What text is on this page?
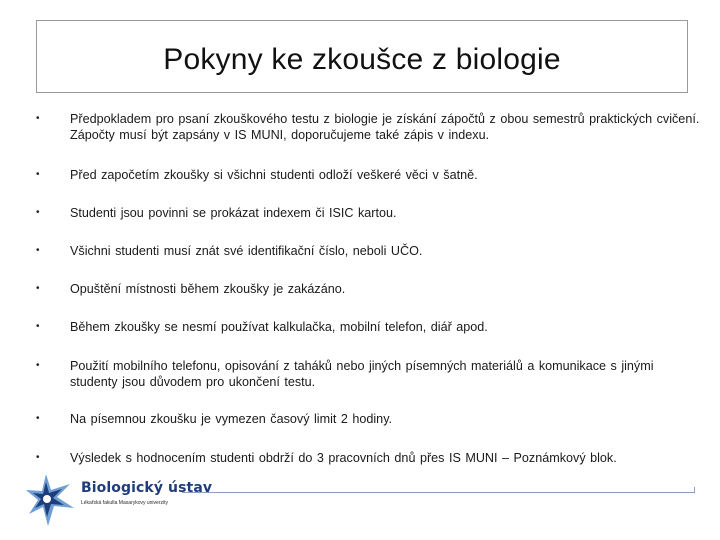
Pokyny ke zkoušce z biologie
•	Předpokladem pro psaní zkouškového testu z biologie je získání zápočtů z obou semestrů praktických cvičení. Zápočty musí být zapsány v IS MUNI, doporučujeme také zápis v indexu.
•	Před započetím zkoušky si všichni studenti odloží veškeré věci v šatně.
•	Studenti jsou povinni se prokázat indexem či ISIC kartou.
•	Všichni studenti musí znát své identifikační číslo, neboli UČO.
•	Opuštění místnosti během zkoušky je zakázáno.
•	Během zkoušky se nesmí používat kalkulačka, mobilní telefon, diář apod.
•	Použití mobilního telefonu, opisování z taháků nebo jiných písemných materiálů a komunikace s jinými studenty jsou důvodem pro ukončení testu.
•	Na písemnou zkoušku je vymezen časový limit 2 hodiny.
•	Výsledek s hodnocením studenti obdrží do 3 pracovních dnů přes IS MUNI – Poznámkový blok.
Biologický ústav
Lékařská fakulta Masarykovy univerzity
